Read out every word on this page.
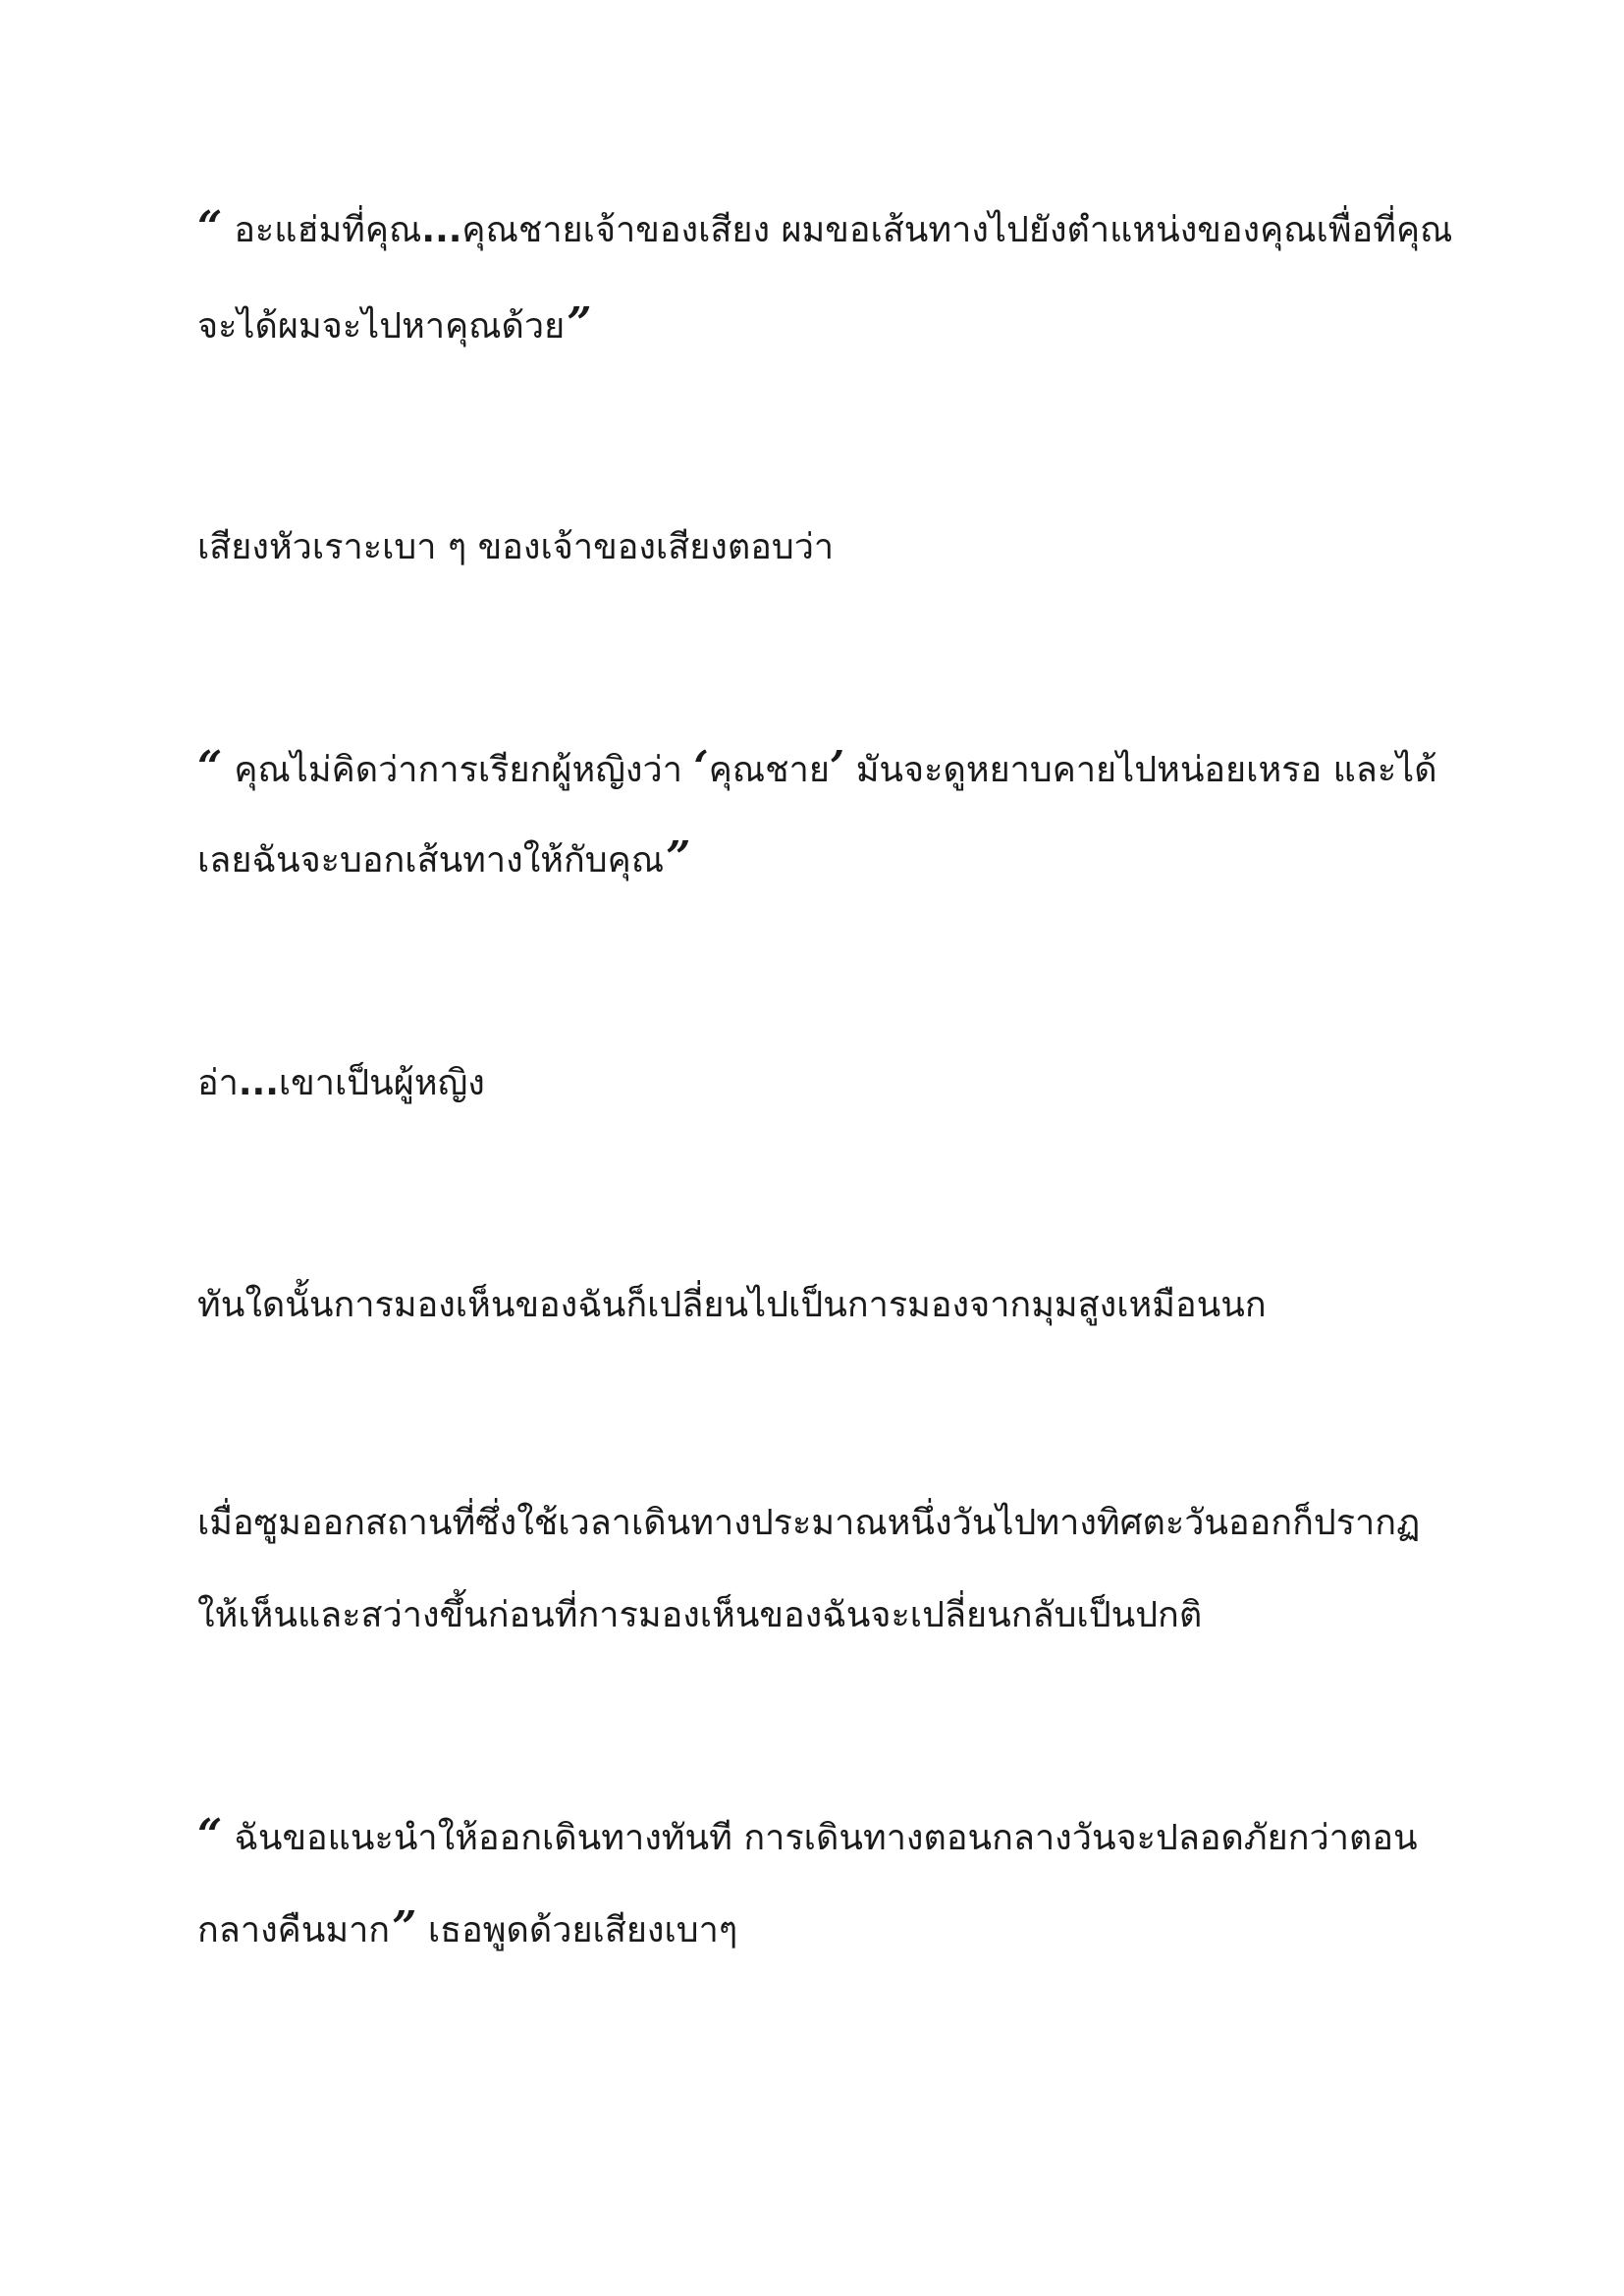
“ อะแฮ่มที่คุณ...คุณชายเจ้าของเสียง ผมขอเส้นทางไปยังตำแหน่งของคุณเพื่อที่คุณ
จะได้ผมจะไปหาคุณด้วย”
เสียงหัวเราะเบา ๆ ของเจ้าของเสียงตอบว่า
“ คุณไม่คิดว่าการเรียกผู้หญิงว่า ‘คุณชาย’ มันจะดูหยาบคายไปหน่อยเหรอ และได้
เลยฉันจะบอกเส้นทางให้กับคุณ”
อ่า...เขาเป็นผู้หญิง
ทันใดนั้นการมองเห็นของฉันก็เปลี่ยนไปเป็นการมองจากมุมสูงเหมือนนก
เมื่อซูมออกสถานที่ซึ่งใช้เวลาเดินทางประมาณหนึ่งวันไปทางทิศตะวันออกก็ปรากฏ
ให้เห็นและสว่างขึ้นก่อนที่การมองเห็นของฉันจะเปลี่ยนกลับเป็นปกติ
“ ฉันขอแนะนำให้ออกเดินทางทันที การเดินทางตอนกลางวันจะปลอดภัยกว่าตอน
กลางคืนมาก” เธอพูดด้วยเสียงเบาๆ
